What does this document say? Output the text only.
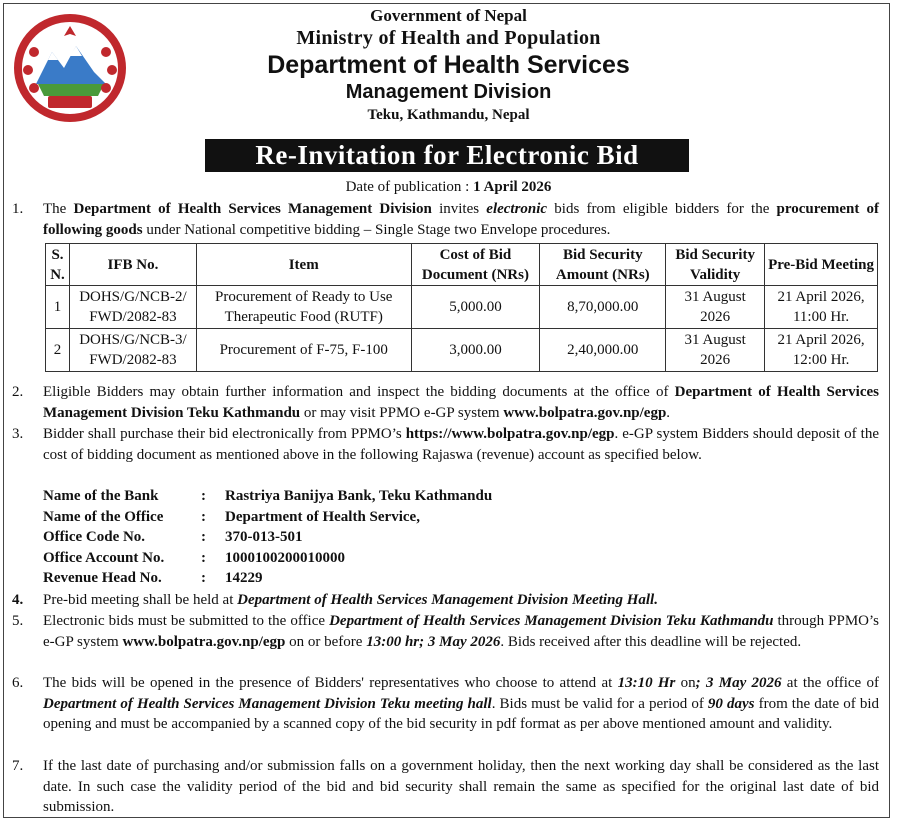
Government of Nepal
Ministry of Health and Population
Department of Health Services
Management Division
Teku, Kathmandu, Nepal
Re-Invitation for Electronic Bid
Date of publication : 1 April 2026
1. The Department of Health Services Management Division invites electronic bids from eligible bidders for the procurement of following goods under National competitive bidding – Single Stage two Envelope procedures.
S. N.	IFB No.	Item	Cost of Bid Document (NRs)	Bid Security Amount (NRs)	Bid Security Validity	Pre-Bid Meeting
1	DOHS/G/NCB-2/ FWD/2082-83	Procurement of Ready to Use Therapeutic Food (RUTF)	5,000.00	8,70,000.00	31 August 2026	21 April 2026, 11:00 Hr.
2	DOHS/G/NCB-3/ FWD/2082-83	Procurement of F-75, F-100	3,000.00	2,40,000.00	31 August 2026	21 April 2026, 12:00 Hr.
2. Eligible Bidders may obtain further information and inspect the bidding documents at the office of Department of Health Services Management Division Teku Kathmandu or may visit PPMO e-GP system www.bolpatra.gov.np/egp.
3. Bidder shall purchase their bid electronically from PPMO’s https://www.bolpatra.gov.np/egp. e-GP system Bidders should deposit of the cost of bidding document as mentioned above in the following Rajaswa (revenue) account as specified below.
Name of the Bank	:	Rastriya Banijya Bank, Teku Kathmandu
Name of the Office	:	Department of Health Service,
Office Code No.	:	370-013-501
Office Account No.	:	1000100200010000
Revenue Head No.	:	14229
4. Pre-bid meeting shall be held at Department of Health Services Management Division Meeting Hall.
5. Electronic bids must be submitted to the office Department of Health Services Management Division Teku Kathmandu through PPMO’s e-GP system www.bolpatra.gov.np/egp on or before 13:00 hr; 3 May 2026. Bids received after this deadline will be rejected.
6. The bids will be opened in the presence of Bidders' representatives who choose to attend at 13:10 Hr on; 3 May 2026 at the office of Department of Health Services Management Division Teku meeting hall. Bids must be valid for a period of 90 days from the date of bid opening and must be accompanied by a scanned copy of the bid security in pdf format as per above mentioned amount and validity.
7. If the last date of purchasing and/or submission falls on a government holiday, then the next working day shall be considered as the last date. In such case the validity period of the bid and bid security shall remain the same as specified for the original last date of bid submission.
